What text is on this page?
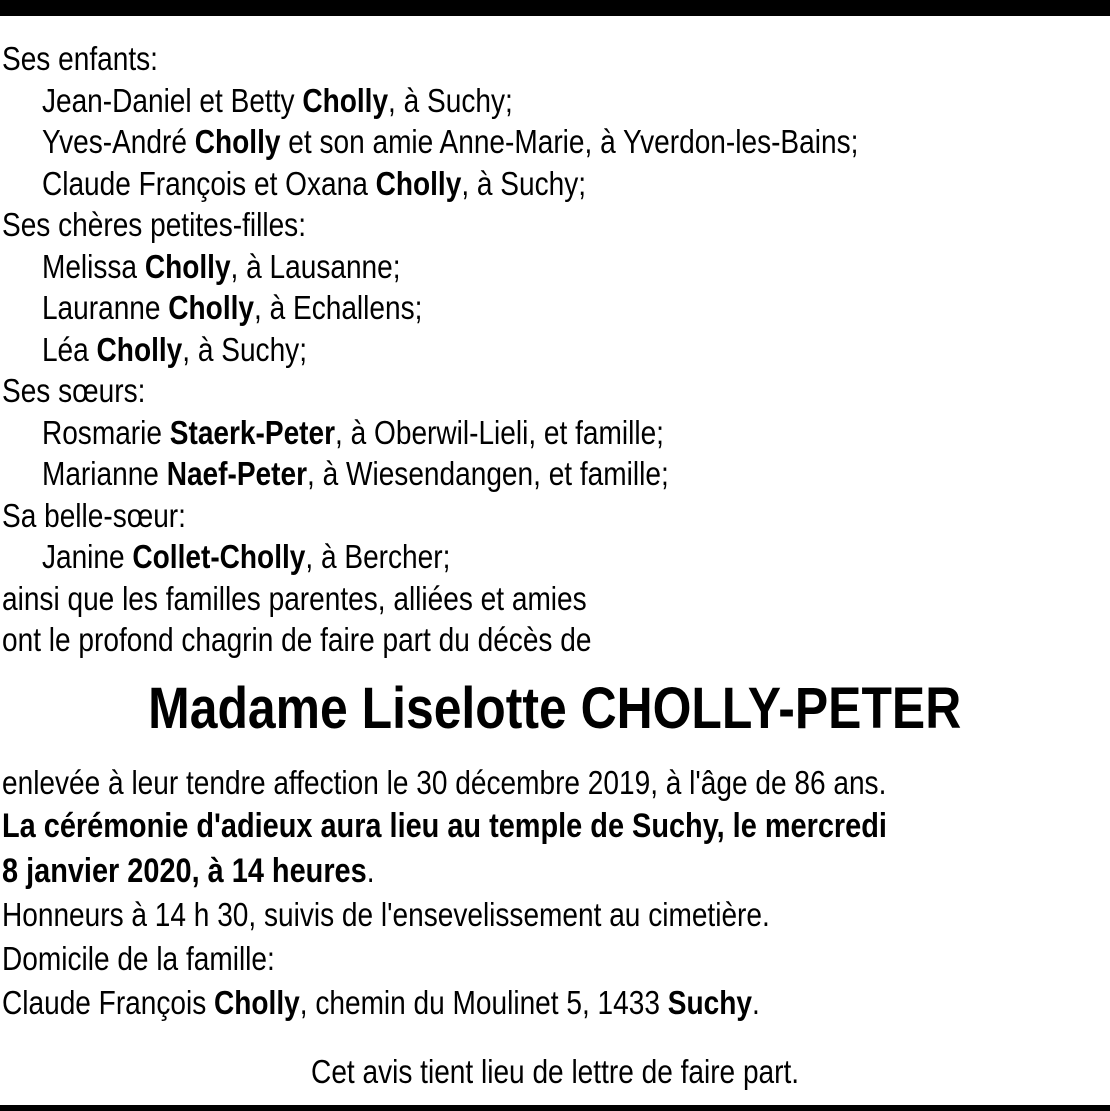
Ses enfants:
Jean-Daniel et Betty Cholly, à Suchy;
Yves-André Cholly et son amie Anne-Marie, à Yverdon-les-Bains;
Claude François et Oxana Cholly, à Suchy;
Ses chères petites-filles:
Melissa Cholly, à Lausanne;
Lauranne Cholly, à Echallens;
Léa Cholly, à Suchy;
Ses sœurs:
Rosmarie Staerk-Peter, à Oberwil-Lieli, et famille;
Marianne Naef-Peter, à Wiesendangen, et famille;
Sa belle-sœur:
Janine Collet-Cholly, à Bercher;
ainsi que les familles parentes, alliées et amies
ont le profond chagrin de faire part du décès de
Madame Liselotte CHOLLY-PETER
enlevée à leur tendre affection le 30 décembre 2019, à l'âge de 86 ans.
La cérémonie d'adieux aura lieu au temple de Suchy, le mercredi
8 janvier 2020, à 14 heures.
Honneurs à 14 h 30, suivis de l'ensevelissement au cimetière.
Domicile de la famille:
Claude François Cholly, chemin du Moulinet 5, 1433 Suchy.
Cet avis tient lieu de lettre de faire part.
